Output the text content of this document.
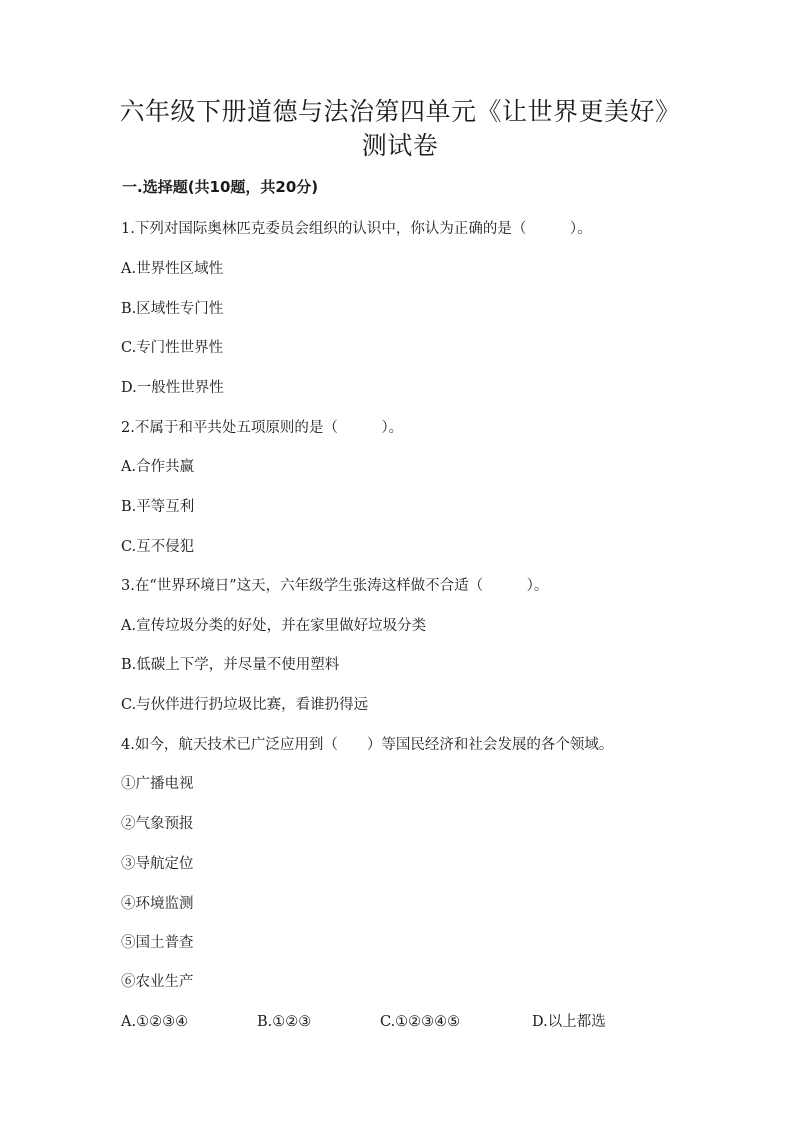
六年级下册道德与法治第四单元《让世界更美好》
测试卷
一.选择题(共10题，共20分)
1.下列对国际奥林匹克委员会组织的认识中，你认为正确的是（　　　）。
A.世界性区域性
B.区域性专门性
C.专门性世界性
D.一般性世界性
2.不属于和平共处五项原则的是（　　　）。
A.合作共赢
B.平等互利
C.互不侵犯
3.在“世界环境日”这天，六年级学生张涛这样做不合适（　　　）。
A.宣传垃圾分类的好处，并在家里做好垃圾分类
B.低碳上下学，并尽量不使用塑料
C.与伙伴进行扔垃圾比赛，看谁扔得远
4.如今，航天技术已广泛应用到（　　）等国民经济和社会发展的各个领域。
①广播电视
②气象预报
③导航定位
④环境监测
⑤国土普查
⑥农业生产
A.①②③④	B.①②③	C.①②③④⑤	D.以上都选
